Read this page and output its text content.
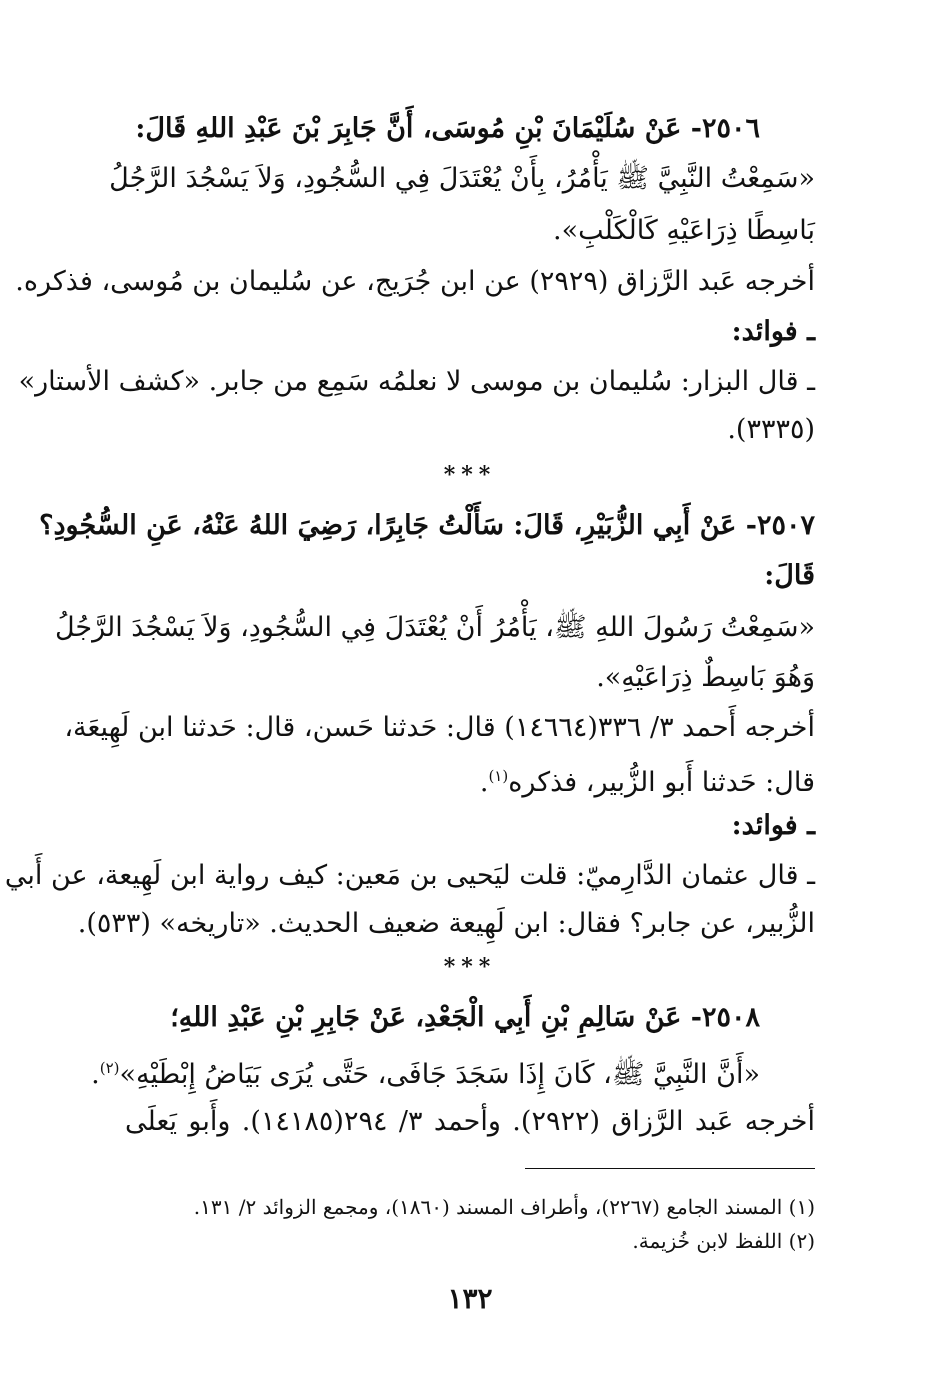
٢٥٠٦- عَنْ سُلَيْمَانَ بْنِ مُوسَى، أَنَّ جَابِرَ بْنَ عَبْدِ اللهِ قَالَ:
«سَمِعْتُ النَّبِيَّ ﷺ يَأْمُرُ، بِأَنْ يُعْتَدَلَ فِي السُّجُودِ، وَلاَ يَسْجُدَ الرَّجُلُ
بَاسِطًا ذِرَاعَيْهِ كَالْكَلْبِ».
أخرجه عَبد الرَّزاق (٢٩٢٩) عن ابن جُرَيج، عن سُليمان بن مُوسى، فذكره.
ـ فوائد:
ـ قال البزار: سُليمان بن موسى لا نعلمُه سَمِع من جابر. «كشف الأستار»
(٣٣٣٥).
***
٢٥٠٧- عَنْ أَبِي الزُّبَيْرِ، قَالَ: سَأَلْتُ جَابِرًا، رَضِيَ اللهُ عَنْهُ، عَنِ السُّجُودِ؟
قَالَ:
«سَمِعْتُ رَسُولَ اللهِ ﷺ، يَأْمُرُ أَنْ يُعْتَدَلَ فِي السُّجُودِ، وَلاَ يَسْجُدَ الرَّجُلُ
وَهُوَ بَاسِطٌ ذِرَاعَيْهِ».
أخرجه أَحمد ٣/ ٣٣٦(١٤٦٦٤) قال: حَدثنا حَسن، قال: حَدثنا ابن لَهِيعَة،
قال: حَدثنا أَبو الزُّبير، فذكره$^{(١)}$.
ـ فوائد:
ـ قال عثمان الدَّارِميّ: قلت ليَحيى بن مَعين: كيف رواية ابن لَهِيعة، عن أَبي
الزُّبير، عن جابر؟ فقال: ابن لَهِيعة ضعيف الحديث. «تاريخه» (٥٣٣).
***
٢٥٠٨- عَنْ سَالِمِ بْنِ أَبِي الْجَعْدِ، عَنْ جَابِرِ بْنِ عَبْدِ اللهِ؛
«أَنَّ النَّبِيَّ ﷺ، كَانَ إِذَا سَجَدَ جَافَى، حَتَّى يُرَى بَيَاضُ إِبْطَيْهِ»$^{(٢)}$.
أخرجه عَبد الرَّزاق (٢٩٢٢). وأحمد ٣/ ٢٩٤(١٤١٨٥). وأَبو يَعلَى
(١) المسند الجامع (٢٢٦٧)، وأطراف المسند (١٨٦٠)، ومجمع الزوائد ٢/ ١٣١.
(٢) اللفظ لابن خُزيمة.
١٣٢
